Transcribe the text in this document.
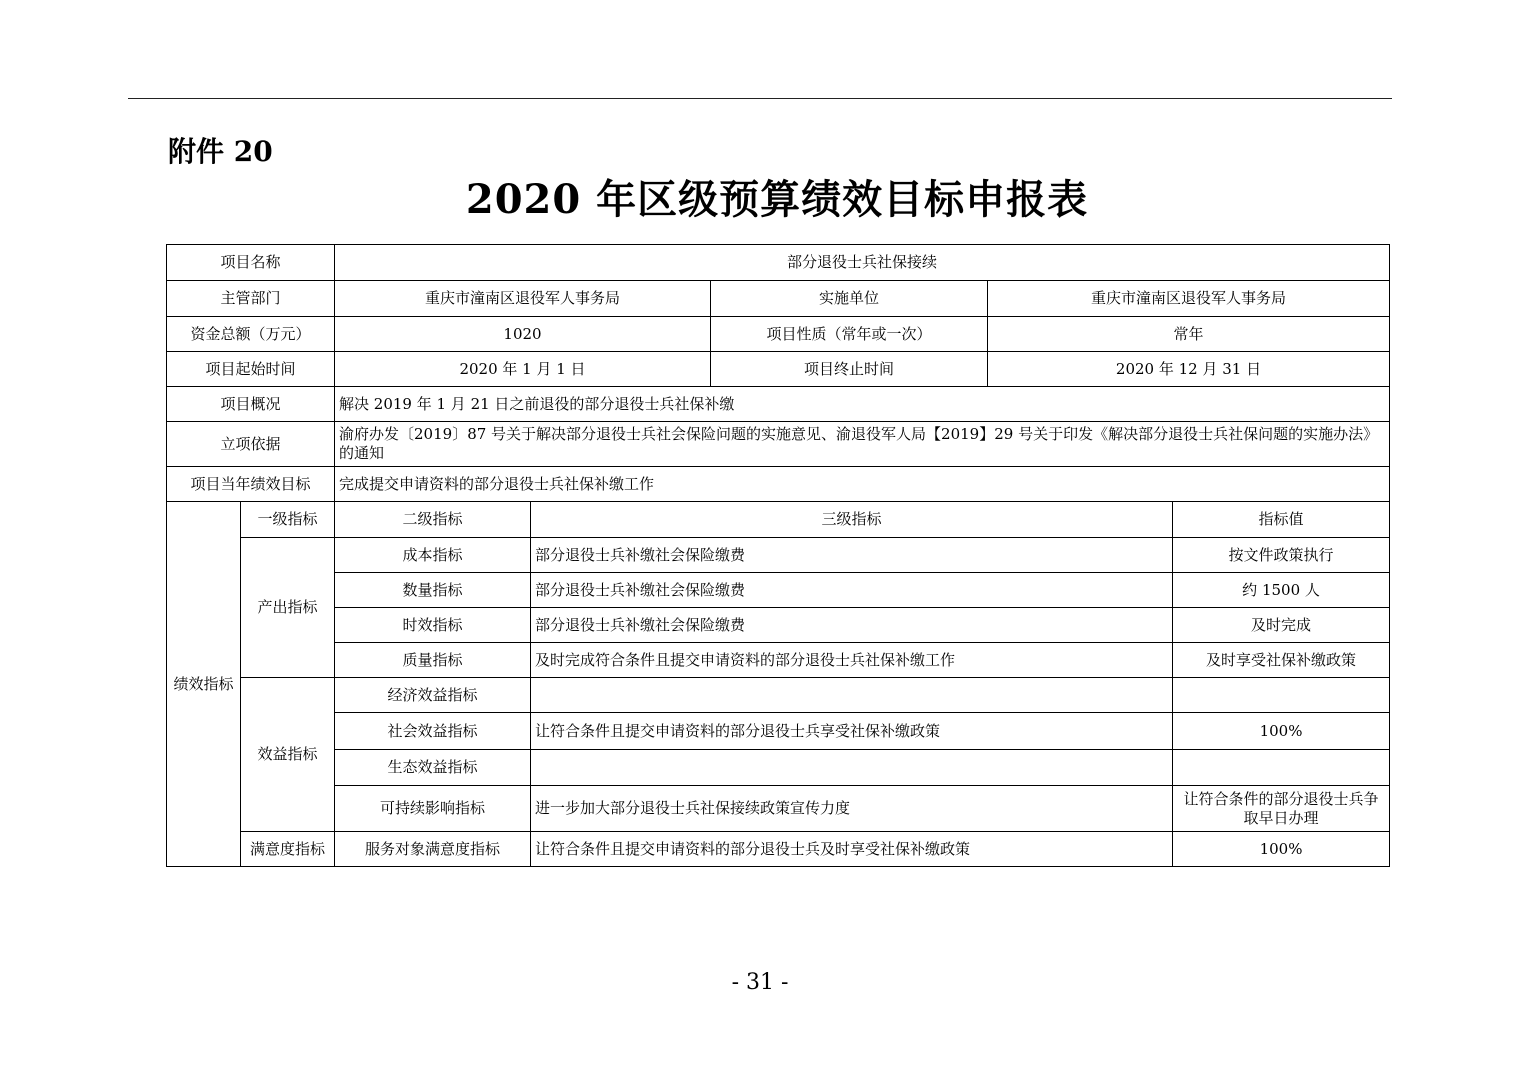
附件 20
2020 年区级预算绩效目标申报表
项目名称		部分退役士兵社保接续				
主管部门		重庆市潼南区退役军人事务局		实施单位	重庆市潼南区退役军人事务局	
资金总额（万元）		1020		项目性质（常年或一次）	常年	
项目起始时间		2020 年 1 月 1 日		项目终止时间	2020 年 12 月 31 日	
项目概况		解决 2019 年 1 月 21 日之前退役的部分退役士兵社保补缴				
立项依据		渝府办发〔2019〕87 号关于解决部分退役士兵社会保险问题的实施意见、渝退役军人局【2019】29 号关于印发《解决部分退役士兵社保问题的实施办法》的通知				
项目当年绩效目标		完成提交申请资料的部分退役士兵社保补缴工作				
绩效指标	一级指标	二级指标	三级指标			指标值
	产出指标	成本指标	部分退役士兵补缴社会保险缴费			按文件政策执行
		数量指标	部分退役士兵补缴社会保险缴费			约 1500 人
		时效指标	部分退役士兵补缴社会保险缴费			及时完成
		质量指标	及时完成符合条件且提交申请资料的部分退役士兵社保补缴工作			及时享受社保补缴政策
	效益指标	经济效益指标				
		社会效益指标	让符合条件且提交申请资料的部分退役士兵享受社保补缴政策			100%
		生态效益指标				
		可持续影响指标	进一步加大部分退役士兵社保接续政策宣传力度			让符合条件的部分退役士兵争取早日办理
	满意度指标	服务对象满意度指标	让符合条件且提交申请资料的部分退役士兵及时享受社保补缴政策			100%
- 31 -
